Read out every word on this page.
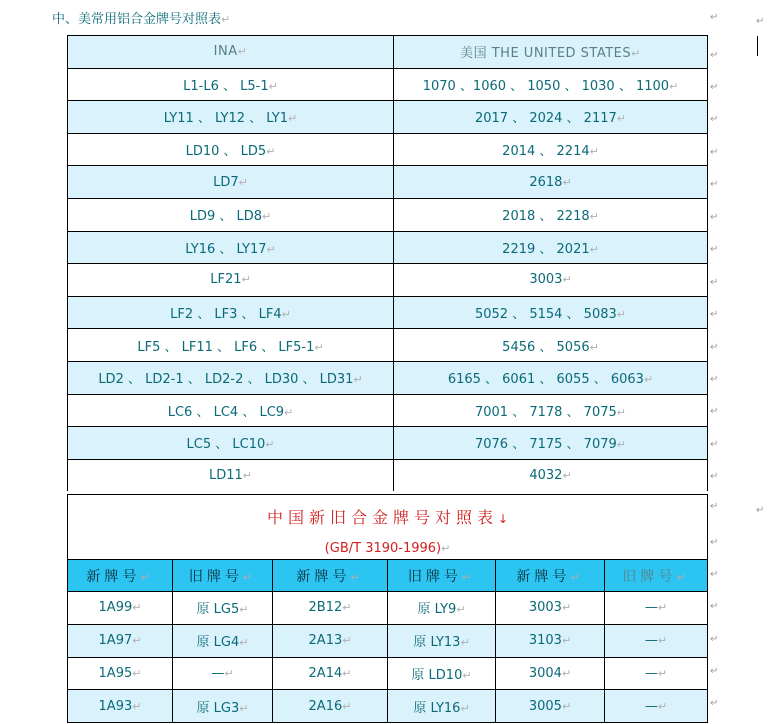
中、美常用铝合金牌号对照表↵
INA↵	美国 THE UNITED STATES↵
L1-L6 、 L5-1↵	1070 、1060 、 1050 、 1030 、 1100↵
LY11 、 LY12 、 LY1↵	2017 、 2024 、 2117↵
LD10 、 LD5↵	2014 、 2214↵
LD7↵	2618↵
LD9 、 LD8↵	2018 、 2218↵
LY16 、 LY17↵	2219 、 2021↵
LF21↵	3003↵
LF2 、 LF3 、 LF4↵	5052 、 5154 、 5083↵
LF5 、 LF11 、 LF6 、 LF5-1↵	5456 、 5056↵
LD2 、 LD2-1 、 LD2-2 、 LD30 、 LD31↵	6165 、 6061 、 6055 、 6063↵
LC6 、 LC4 、 LC9↵	7001 、 7178 、 7075↵
LC5 、 LC10↵	7076 、 7175 、 7079↵
LD11↵	4032↵
中国新旧合金牌号对照表↓					
(GB/T 3190-1996)↵					
新牌号↵	旧牌号↵	新牌号↵	旧牌号↵	新牌号↵	旧牌号↵
1A99↵	原 LG5↵	2B12↵	原 LY9↵	3003↵	—↵
1A97↵	原 LG4↵	2A13↵	原 LY13↵	3103↵	—↵
1A95↵	—↵	2A14↵	原 LD10↵	3004↵	—↵
1A93↵	原 LG3↵	2A16↵	原 LY16↵	3005↵	—↵
↵	↵
↵
↵
↵
↵
↵
↵
↵
↵
↵
↵
↵
↵
↵
↵
↵	↵
↵
↵
↵
↵
↵
↵
